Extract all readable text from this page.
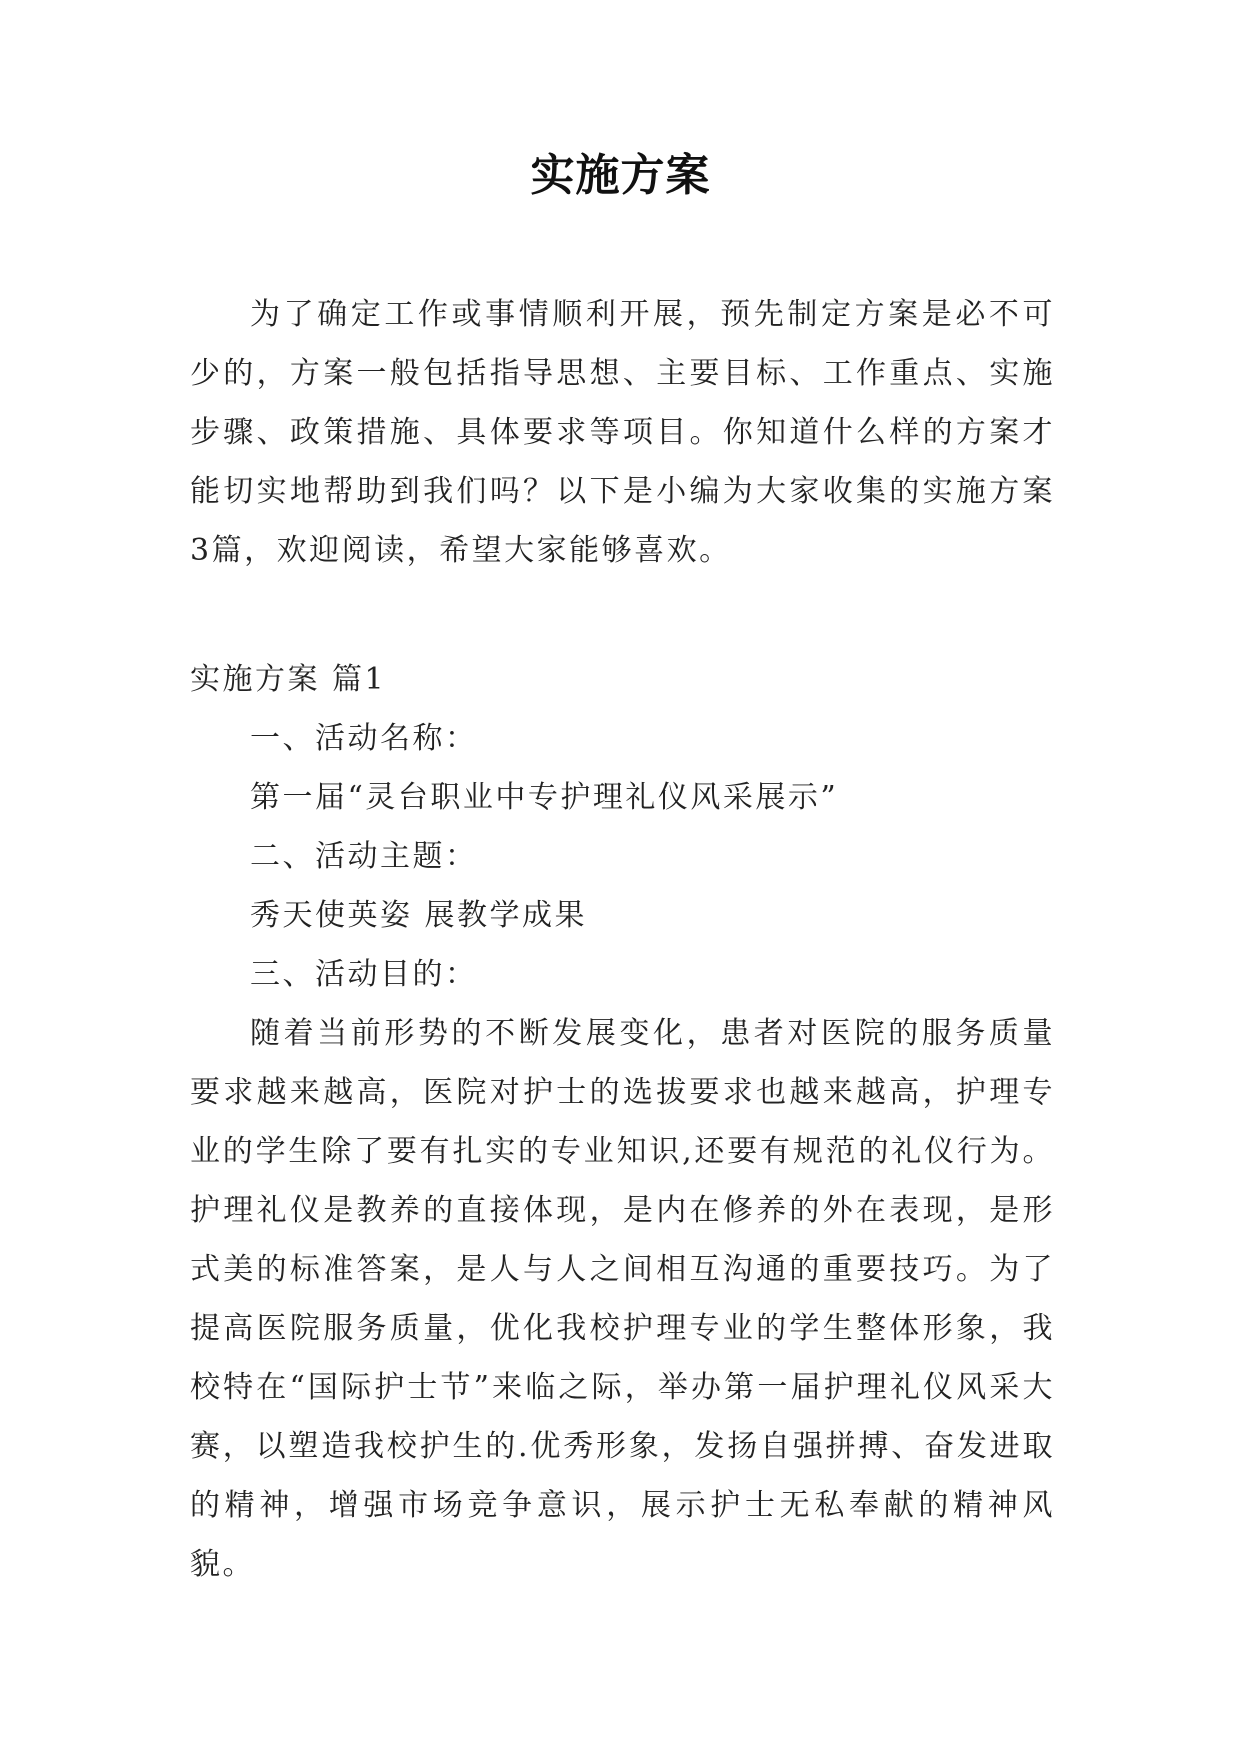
实施方案

为了确定工作或事情顺利开展，预先制定方案是必不可少的，方案一般包括指导思想、主要目标、工作重点、实施步骤、政策措施、具体要求等项目。你知道什么样的方案才能切实地帮助到我们吗？以下是小编为大家收集的实施方案3篇，欢迎阅读，希望大家能够喜欢。

实施方案 篇1

一、活动名称：

第一届“灵台职业中专护理礼仪风采展示”

二、活动主题：

秀天使英姿 展教学成果

三、活动目的：

随着当前形势的不断发展变化，患者对医院的服务质量要求越来越高，医院对护士的选拔要求也越来越高，护理专业的学生除了要有扎实的专业知识,还要有规范的礼仪行为。护理礼仪是教养的直接体现，是内在修养的外在表现，是形式美的标准答案，是人与人之间相互沟通的重要技巧。为了提高医院服务质量，优化我校护理专业的学生整体形象，我校特在“国际护士节”来临之际，举办第一届护理礼仪风采大赛，以塑造我校护生的.优秀形象，发扬自强拼搏、奋发进取的精神，增强市场竞争意识，展示护士无私奉献的精神风貌。
